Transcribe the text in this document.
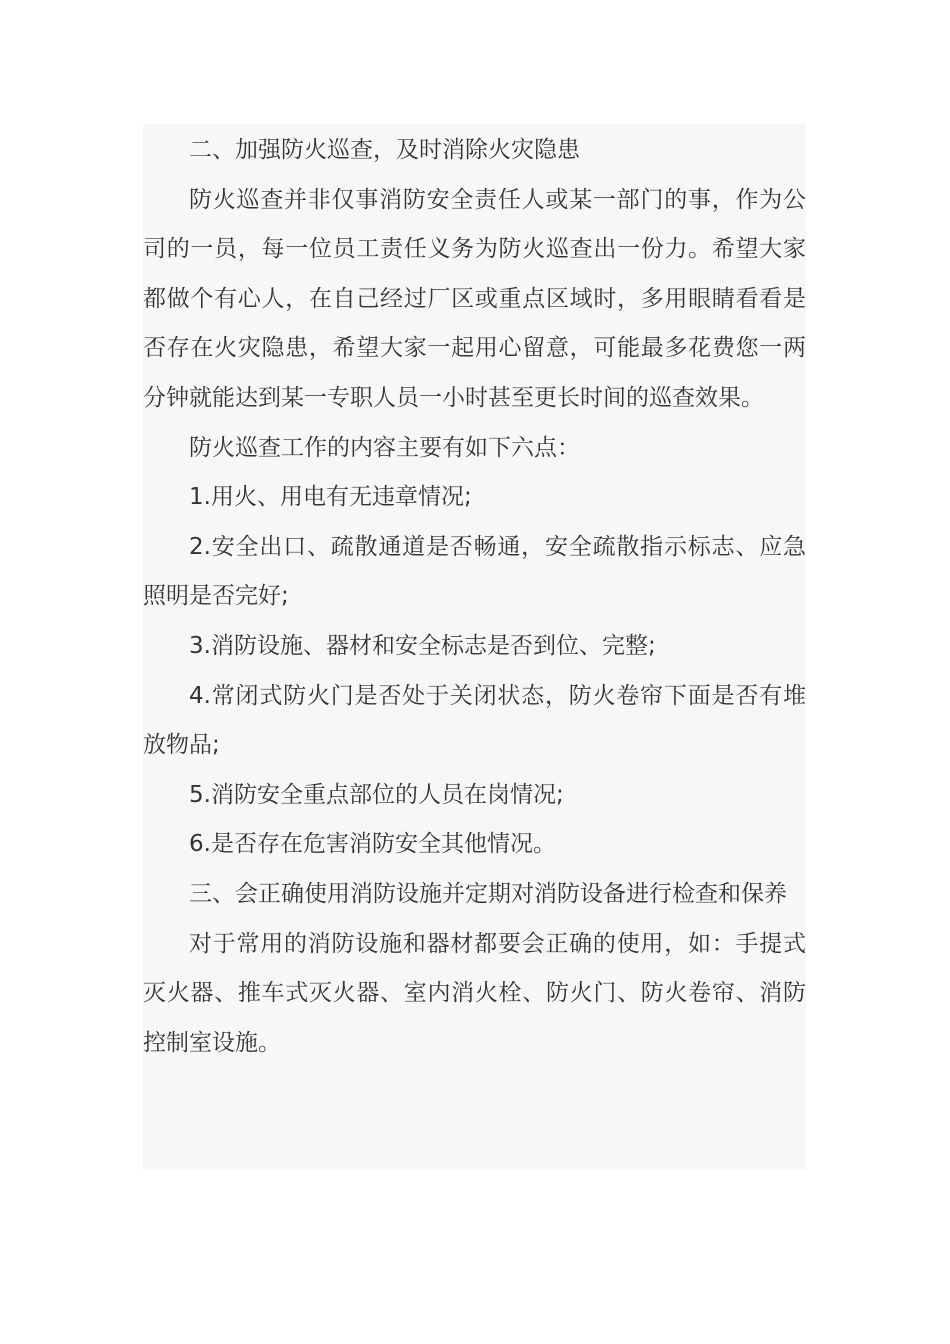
二、加强防火巡查，及时消除火灾隐患

防火巡查并非仅事消防安全责任人或某一部门的事，作为公司的一员，每一位员工责任义务为防火巡查出一份力。希望大家都做个有心人，在自己经过厂区或重点区域时，多用眼睛看看是否存在火灾隐患，希望大家一起用心留意，可能最多花费您一两分钟就能达到某一专职人员一小时甚至更长时间的巡查效果。

防火巡查工作的内容主要有如下六点：

1.用火、用电有无违章情况;

2.安全出口、疏散通道是否畅通，安全疏散指示标志、应急照明是否完好;

3.消防设施、器材和安全标志是否到位、完整;

4.常闭式防火门是否处于关闭状态，防火卷帘下面是否有堆放物品;

5.消防安全重点部位的人员在岗情况;

6.是否存在危害消防安全其他情况。

三、会正确使用消防设施并定期对消防设备进行检查和保养

对于常用的消防设施和器材都要会正确的使用，如：手提式灭火器、推车式灭火器、室内消火栓、防火门、防火卷帘、消防控制室设施。
